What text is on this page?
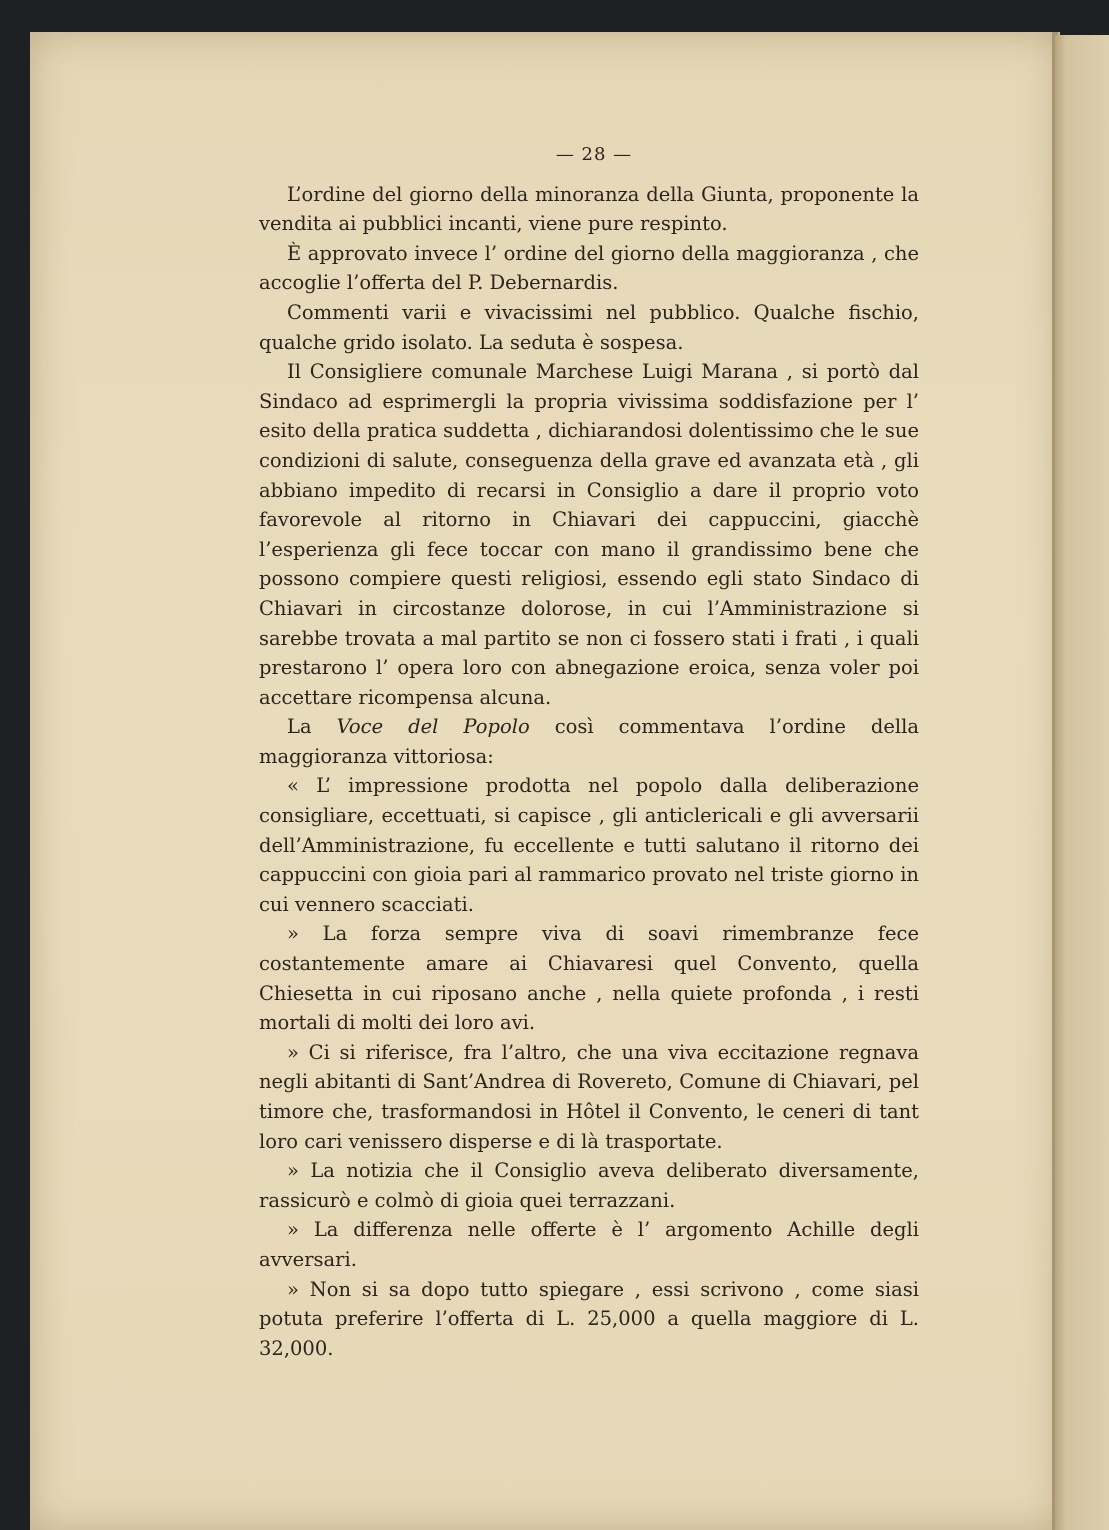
— 28 —

L’ordine del giorno della minoranza della Giunta, proponente la vendita ai pubblici incanti, viene pure respinto.

È approvato invece l’ ordine del giorno della maggioranza , che accoglie l’offerta del P. Debernardis.

Commenti varii e vivacissimi nel pubblico. Qualche fischio, qualche grido isolato. La seduta è sospesa.

Il Consigliere comunale Marchese Luigi Marana , si portò dal Sindaco ad esprimergli la propria vivissima soddisfazione per l’ esito della pratica suddetta , dichiarandosi dolentissimo che le sue condizioni di salute, conseguenza della grave ed avanzata età , gli abbiano impedito di recarsi in Consiglio a dare il proprio voto favorevole al ritorno in Chiavari dei cappuccini, giacchè l’esperienza gli fece toccar con mano il grandissimo bene che possono compiere questi religiosi, essendo egli stato Sindaco di Chiavari in circostanze dolorose, in cui l’Amministrazione si sarebbe trovata a mal partito se non ci fossero stati i frati , i quali prestarono l’ opera loro con abnegazione eroica, senza voler poi accettare ricompensa alcuna.

La Voce del Popolo così commentava l’ordine della maggioranza vittoriosa:

« L’ impressione prodotta nel popolo dalla deliberazione consigliare, eccettuati, si capisce , gli anticlericali e gli avversarii dell’Amministrazione, fu eccellente e tutti salutano il ritorno dei cappuccini con gioia pari al rammarico provato nel triste giorno in cui vennero scacciati.

» La forza sempre viva di soavi rimembranze fece costantemente amare ai Chiavaresi quel Convento, quella Chiesetta in cui riposano anche , nella quiete profonda , i resti mortali di molti dei loro avi.

» Ci si riferisce, fra l’altro, che una viva eccitazione regnava negli abitanti di Sant’Andrea di Rovereto, Comune di Chiavari, pel timore che, trasformandosi in Hôtel il Convento, le ceneri di tant loro cari venissero disperse e di là trasportate.

» La notizia che il Consiglio aveva deliberato diversamente, rassicurò e colmò di gioia quei terrazzani.

» La differenza nelle offerte è l’ argomento Achille degli avversari.

» Non si sa dopo tutto spiegare , essi scrivono , come siasi potuta preferire l’offerta di L. 25,000 a quella maggiore di L. 32,000.
